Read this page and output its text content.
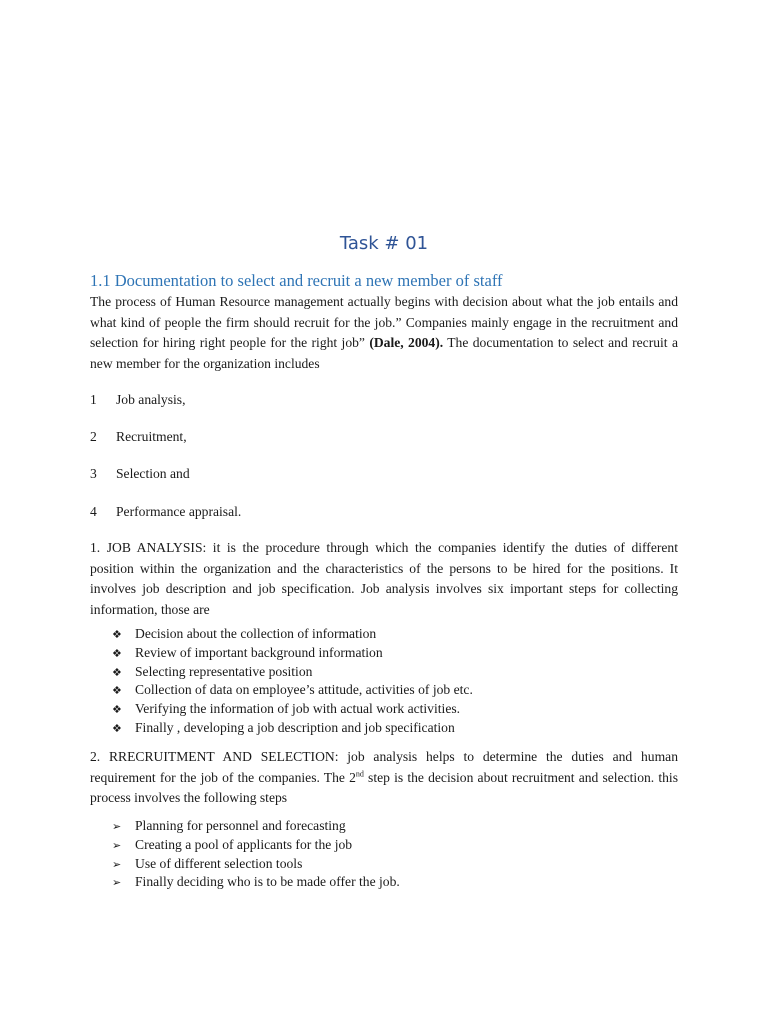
Task # 01
1.1 Documentation to select and recruit a new member of staff

The process of Human Resource management actually begins with decision about what the job entails and what kind of people the firm should recruit for the job.” Companies mainly engage in the recruitment and selection for hiring right people for the right job” (Dale, 2004). The documentation to select and recruit a new member for the organization includes

1 Job analysis,

2 Recruitment,

3 Selection and

4 Performance appraisal.

1. JOB ANALYSIS: it is the procedure through which the companies identify the duties of different position within the organization and the characteristics of the persons to be hired for the positions. It involves job description and job specification. Job analysis involves six important steps for collecting information, those are

❖ Decision about the collection of information
❖ Review of important background information
❖ Selecting representative position
❖ Collection of data on employee’s attitude, activities of job etc.
❖ Verifying the information of job with actual work activities.
❖ Finally , developing a job description and job specification

2. RRECRUITMENT AND SELECTION: job analysis helps to determine the duties and human requirement for the job of the companies. The 2nd step is the decision about recruitment and selection. this process involves the following steps

➢ Planning for personnel and forecasting
➢ Creating a pool of applicants for the job
➢ Use of different selection tools
➢ Finally deciding who is to be made offer the job.
